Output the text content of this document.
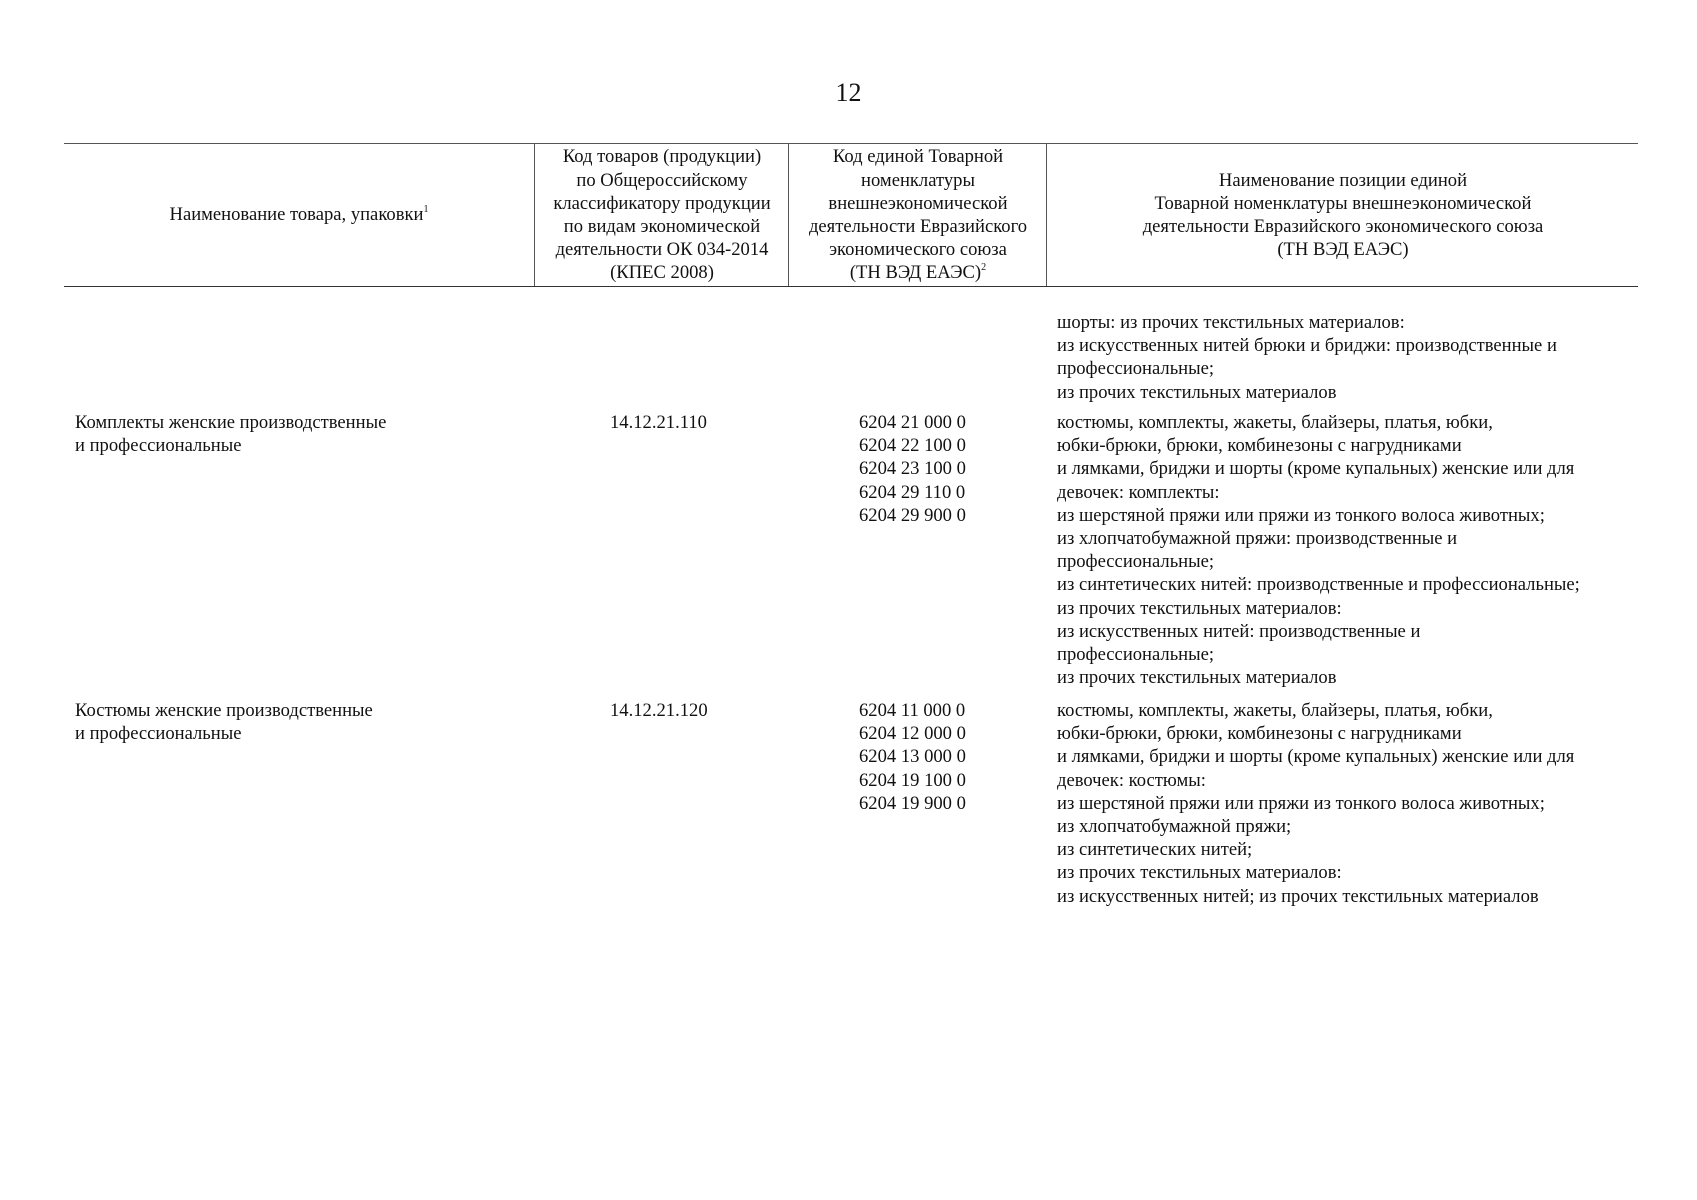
12
Наименование товара, упаковки$^1$
Код товаров (продукции)
по Общероссийскому
классификатору продукции
по видам экономической
деятельности ОК 034-2014
(КПЕС 2008)
Код единой Товарной
номенклатуры
внешнеэкономической
деятельности Евразийского
экономического союза
(ТН ВЭД ЕАЭС)$^2$
Наименование позиции единой
Товарной номенклатуры внешнеэкономической
деятельности Евразийского экономического союза
(ТН ВЭД ЕАЭС)
шорты: из прочих текстильных материалов:
из искусственных нитей брюки и бриджи: производственные и
профессиональные;
из прочих текстильных материалов
Комплекты женские производственные
и профессиональные
14.12.21.110	6204 21 000 0
6204 22 100 0
6204 23 100 0
6204 29 110 0
6204 29 900 0
костюмы, комплекты, жакеты, блайзеры, платья, юбки,
юбки-брюки, брюки, комбинезоны с нагрудниками
и лямками, бриджи и шорты (кроме купальных) женские или для
девочек: комплекты:
из шерстяной пряжи или пряжи из тонкого волоса животных;
из хлопчатобумажной пряжи: производственные и
профессиональные;
из синтетических нитей: производственные и профессиональные;
из прочих текстильных материалов:
из искусственных нитей: производственные и
профессиональные;
из прочих текстильных материалов
Костюмы женские производственные
и профессиональные
14.12.21.120	6204 11 000 0
6204 12 000 0
6204 13 000 0
6204 19 100 0
6204 19 900 0
костюмы, комплекты, жакеты, блайзеры, платья, юбки,
юбки-брюки, брюки, комбинезоны с нагрудниками
и лямками, бриджи и шорты (кроме купальных) женские или для
девочек: костюмы:
из шерстяной пряжи или пряжи из тонкого волоса животных;
из хлопчатобумажной пряжи;
из синтетических нитей;
из прочих текстильных материалов:
из искусственных нитей; из прочих текстильных материалов
